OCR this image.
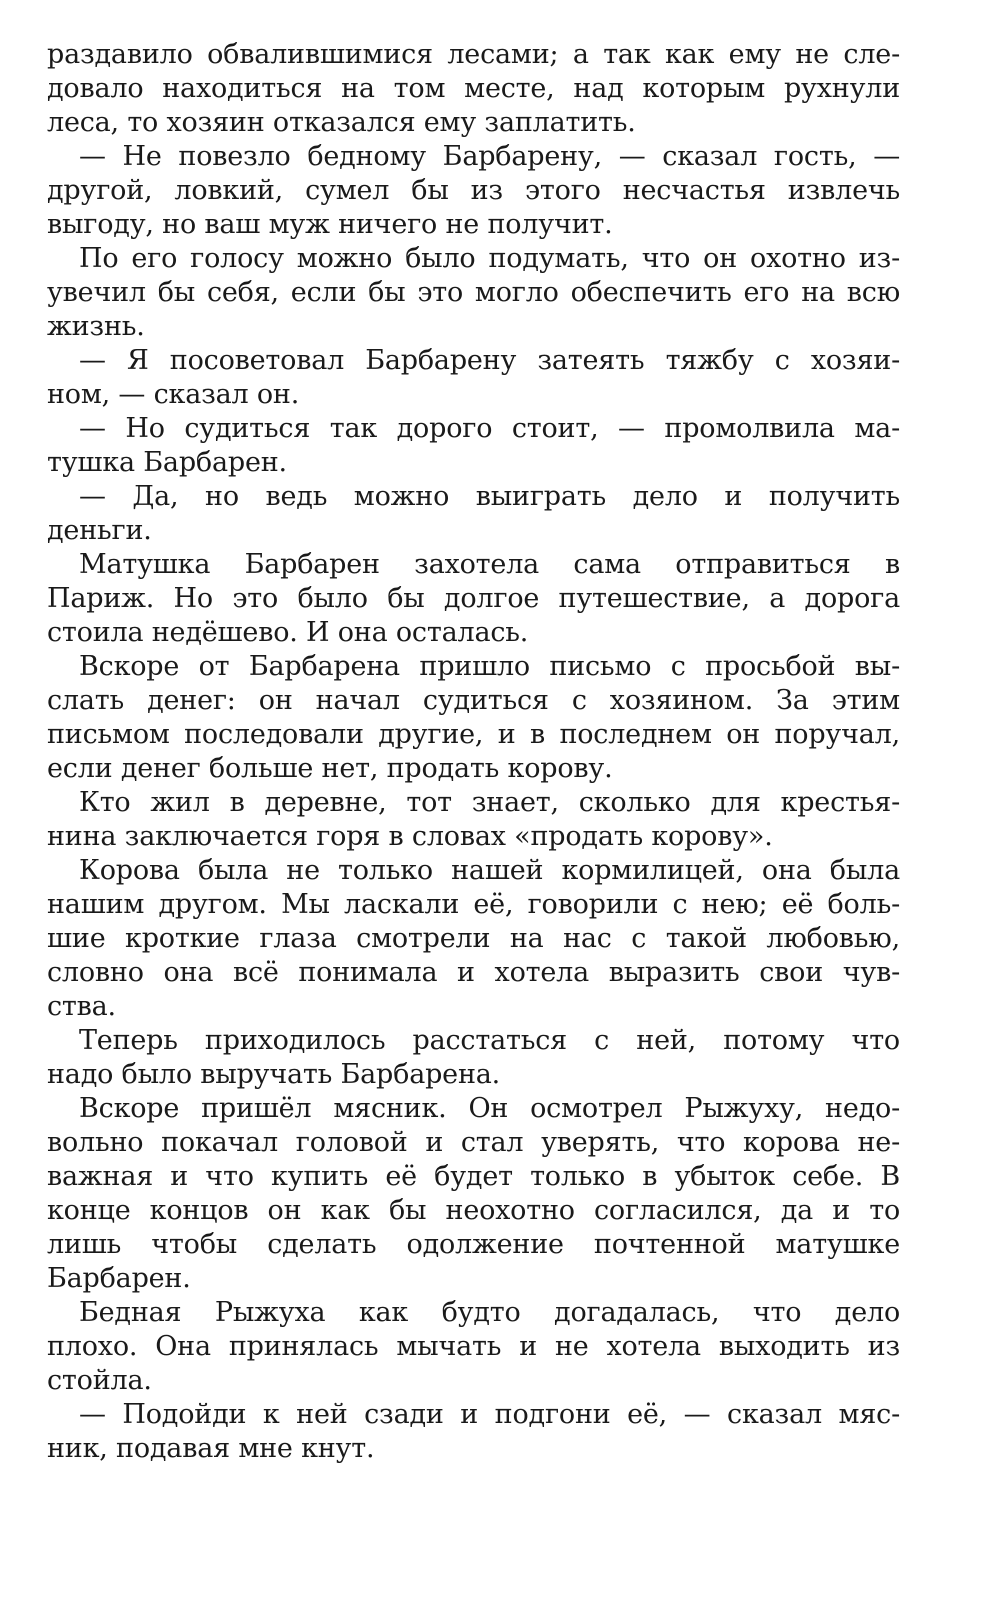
раздавило обвалившимися лесами; а так как ему не сле-
довало находиться на том месте, над которым рухнули
леса, то хозяин отказался ему заплатить.
— Не повезло бедному Барбарену, — сказал гость, —
другой, ловкий, сумел бы из этого несчастья извлечь
выгоду, но ваш муж ничего не получит.
По его голосу можно было подумать, что он охотно из-
увечил бы себя, если бы это могло обеспечить его на всю
жизнь.
— Я посоветовал Барбарену затеять тяжбу с хозяи-
ном, — сказал он.
— Но судиться так дорого стоит, — промолвила ма-
тушка Барбарен.
— Да, но ведь можно выиграть дело и получить
деньги.
Матушка Барбарен захотела сама отправиться в
Париж. Но это было бы долгое путешествие, а дорога
стоила недёшево. И она осталась.
Вскоре от Барбарена пришло письмо с просьбой вы-
слать денег: он начал судиться с хозяином. За этим
письмом последовали другие, и в последнем он поручал,
если денег больше нет, продать корову.
Кто жил в деревне, тот знает, сколько для крестья-
нина заключается горя в словах «продать корову».
Корова была не только нашей кормилицей, она была
нашим другом. Мы ласкали её, говорили с нею; её боль-
шие кроткие глаза смотрели на нас с такой любовью,
словно она всё понимала и хотела выразить свои чув-
ства.
Теперь приходилось расстаться с ней, потому что
надо было выручать Барбарена.
Вскоре пришёл мясник. Он осмотрел Рыжуху, недо-
вольно покачал головой и стал уверять, что корова не-
важная и что купить её будет только в убыток себе. В
конце концов он как бы неохотно согласился, да и то
лишь чтобы сделать одолжение почтенной матушке
Барбарен.
Бедная Рыжуха как будто догадалась, что дело
плохо. Она принялась мычать и не хотела выходить из
стойла.
— Подойди к ней сзади и подгони её, — сказал мяс-
ник, подавая мне кнут.
